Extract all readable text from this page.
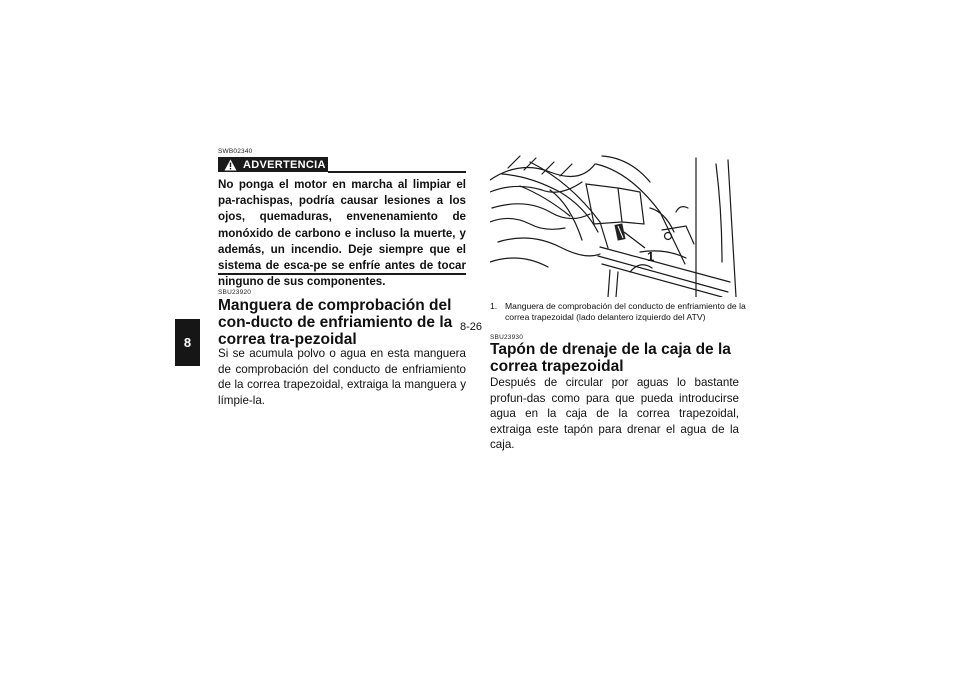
8
SWB02340
ADVERTENCIA
No ponga el motor en marcha al limpiar el pa-rachispas, podría causar lesiones a los ojos, quemaduras, envenenamiento de monóxido de carbono e incluso la muerte, y además, un incendio. Deje siempre que el sistema de esca-pe se enfríe antes de tocar ninguno de sus componentes.
SBU23920
Manguera de comprobación del con-ducto de enfriamiento de la correa tra-pezoidal
Si se acumula polvo o agua en esta manguera de comprobación del conducto de enfriamiento de la correa trapezoidal, extraiga la manguera y límpie-la.
1
1. Manguera de comprobación del conducto de enfriamiento de la correa trapezoidal (lado delantero izquierdo del ATV)
SBU23930
Tapón de drenaje de la caja de la correa trapezoidal
Después de circular por aguas lo bastante profun-das como para que pueda introducirse agua en la caja de la correa trapezoidal, extraiga este tapón para drenar el agua de la caja.
8-26
